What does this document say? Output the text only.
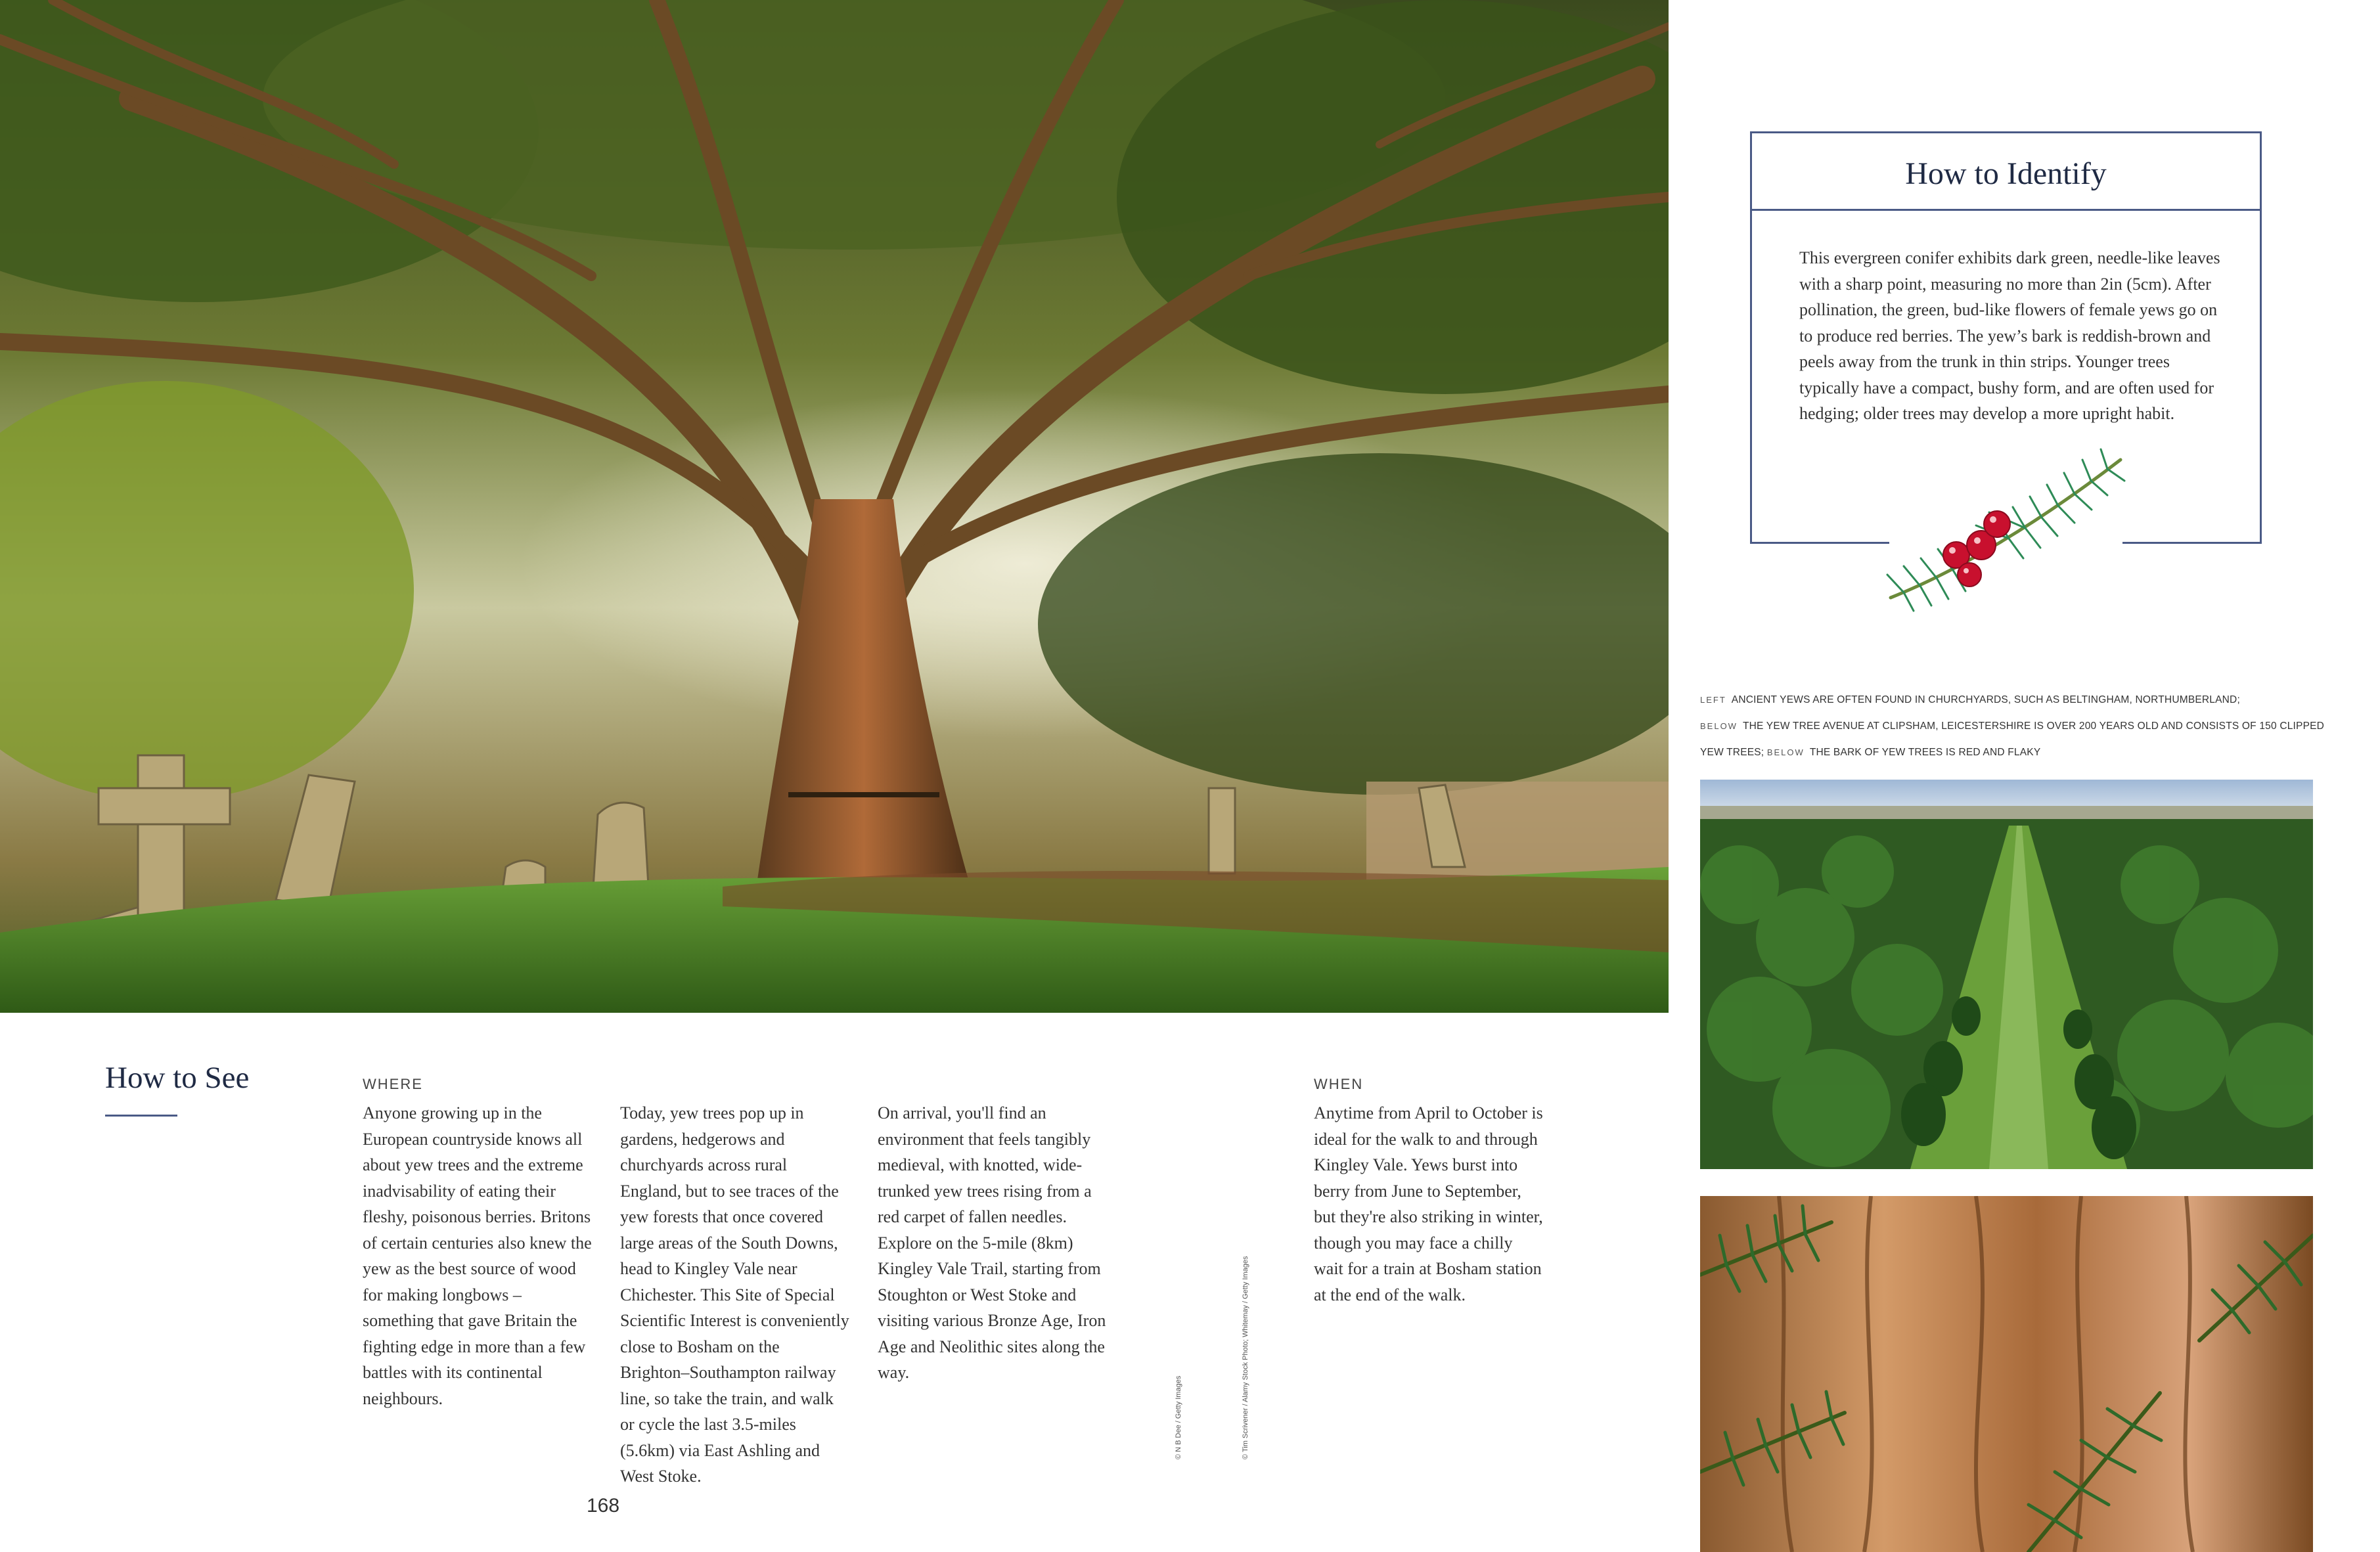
How to Identify
This evergreen conifer exhibits dark green, needle-like leaves with a sharp point, measuring no more than 2in (5cm). After pollination, the green, bud-like flowers of female yews go on to produce red berries. The yew’s bark is reddish-brown and peels away from the trunk in thin strips. Younger trees typically have a compact, bushy form, and are often used for hedging; older trees may develop a more upright habit.
LEFT ANCIENT YEWS ARE OFTEN FOUND IN CHURCHYARDS, SUCH AS BELTINGHAM, NORTHUMBERLAND;
BELOW THE YEW TREE AVENUE AT CLIPSHAM, LEICESTERSHIRE IS OVER 200 YEARS OLD AND CONSISTS OF 150 CLIPPED YEW TREES; BELOW THE BARK OF YEW TREES IS RED AND FLAKY
How to See	WHERE
Anyone growing up in the European countryside knows all about yew trees and the extreme inadvisability of eating their fleshy, poisonous berries. Britons of certain centuries also knew the yew as the best source of wood for making longbows – something that gave Britain the fighting edge in more than a few battles with its continental neighbours.
Today, yew trees pop up in gardens, hedgerows and churchyards across rural England, but to see traces of the yew forests that once covered large areas of the South Downs, head to Kingley Vale near Chichester. This Site of Special Scientific Interest is conveniently close to Bosham on the Brighton–Southampton railway line, so take the train, and walk or cycle the last 3.5-miles (5.6km) via East Ashling and West Stoke.
On arrival, you'll find an environment that feels tangibly medieval, with knotted, wide-trunked yew trees rising from a red carpet of fallen needles. Explore on the 5-mile (8km) Kingley Vale Trail, starting from Stoughton or West Stoke and visiting various Bronze Age, Iron Age and Neolithic sites along the way.
WHEN
Anytime from April to October is ideal for the walk to and through Kingley Vale. Yews burst into berry from June to September, but they're also striking in winter, though you may face a chilly wait for a train at Bosham station at the end of the walk.
168
© N B Dee / Getty Images	© Tim Scrivener / Alamy Stock Photo; Whitemay / Getty Images
